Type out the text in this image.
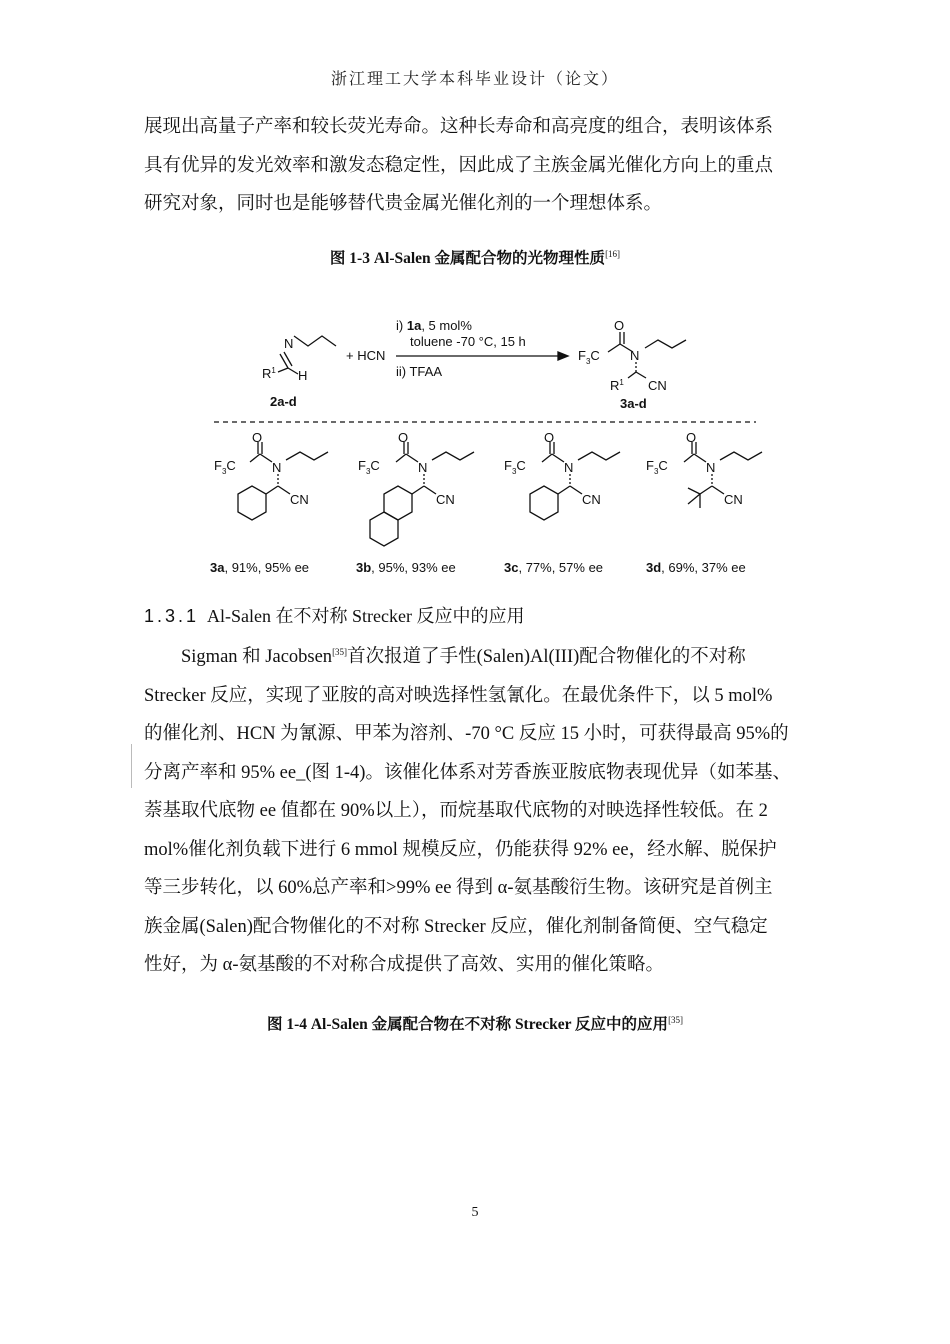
浙江理工大学本科毕业设计（论文）

展现出高量子产率和较长荧光寿命。这种长寿命和高亮度的组合，表明该体系

具有优异的发光效率和激发态稳定性，因此成了主族金属光催化方向上的重点

研究对象，同时也是能够替代贵金属光催化剂的一个理想体系。

图 1-3 Al-Salen 金属配合物的光物理性质[16]
N
$R^1$ H
2a-d
+ HCN
i) 1a, 5 mol%
toluene -70 °C, 15 h
ii) TFAA
O
$F_3C$ N
$R^1$ CN
3a-d
O
$F_3C$	N
CN
O
$F_3C$	N
CN
O
$F_3C$	N
CN
O
$F_3C$	N
CN
3a, 91%, 95% ee	3b, 95%, 93% ee	3c, 77%, 57% ee	3d, 69%, 37% ee
1.3.1 Al-Salen 在不对称 Strecker 反应中的应用

Sigman 和 Jacobsen[35]首次报道了手性(Salen)Al(III)配合物催化的不对称

Strecker 反应，实现了亚胺的高对映选择性氢氰化。在最优条件下，以 5 mol%

的催化剂、HCN 为氰源、甲苯为溶剂、-70 °C 反应 15 小时，可获得最高 95%的

分离产率和 95% ee_(图 1-4)。该催化体系对芳香族亚胺底物表现优异（如苯基、

萘基取代底物 ee 值都在 90%以上），而烷基取代底物的对映选择性较低。在 2

mol%催化剂负载下进行 6 mmol 规模反应，仍能获得 92% ee，经水解、脱保护

等三步转化，以 60%总产率和>99% ee 得到 α-氨基酸衍生物。该研究是首例主

族金属(Salen)配合物催化的不对称 Strecker 反应，催化剂制备简便、空气稳定

性好，为 α-氨基酸的不对称合成提供了高效、实用的催化策略。

图 1-4 Al-Salen 金属配合物在不对称 Strecker 反应中的应用[35]
5
